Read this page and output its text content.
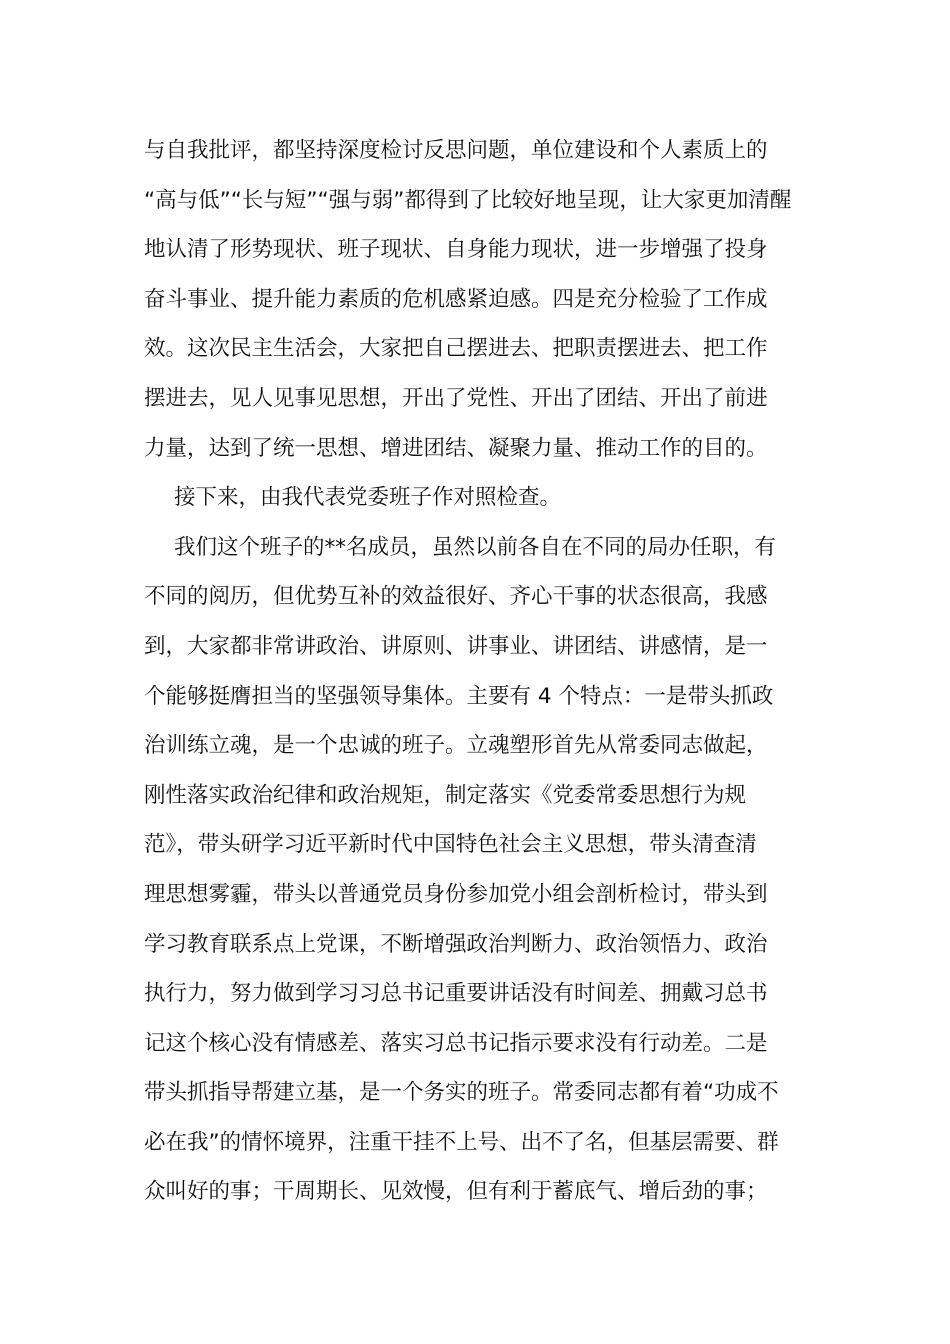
与自我批评，都坚持深度检讨反思问题，单位建设和个人素质上的
“高与低”“长与短”“强与弱”都得到了比较好地呈现，让大家更加清醒
地认清了形势现状、班子现状、自身能力现状，进一步增强了投身
奋斗事业、提升能力素质的危机感紧迫感。四是充分检验了工作成
效。这次民主生活会，大家把自己摆进去、把职责摆进去、把工作
摆进去，见人见事见思想，开出了党性、开出了团结、开出了前进
力量，达到了统一思想、增进团结、凝聚力量、推动工作的目的。
接下来，由我代表党委班子作对照检查。
我们这个班子的**名成员，虽然以前各自在不同的局办任职，有
不同的阅历，但优势互补的效益很好、齐心干事的状态很高，我感
到，大家都非常讲政治、讲原则、讲事业、讲团结、讲感情，是一
个能够挺膺担当的坚强领导集体。主要有 4 个特点：一是带头抓政
治训练立魂，是一个忠诚的班子。立魂塑形首先从常委同志做起，
刚性落实政治纪律和政治规矩，制定落实《党委常委思想行为规
范》，带头研学习近平新时代中国特色社会主义思想，带头清查清
理思想雾霾，带头以普通党员身份参加党小组会剖析检讨，带头到
学习教育联系点上党课，不断增强政治判断力、政治领悟力、政治
执行力，努力做到学习习总书记重要讲话没有时间差、拥戴习总书
记这个核心没有情感差、落实习总书记指示要求没有行动差。二是
带头抓指导帮建立基，是一个务实的班子。常委同志都有着“功成不
必在我”的情怀境界，注重干挂不上号、出不了名，但基层需要、群
众叫好的事；干周期长、见效慢，但有利于蓄底气、增后劲的事；
